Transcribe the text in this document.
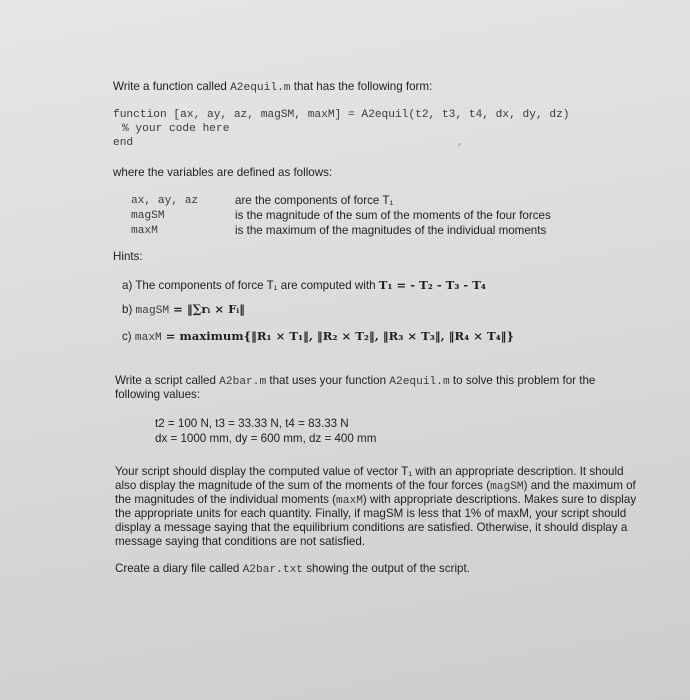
Write a function called A2equil.m that has the following form:
function [ax, ay, az, magSM, maxM] = A2equil(t2, t3, t4, dx, dy, dz)
% your code here
end
where the variables are defined as follows:
ax, ay, az	are the components of force T₁
magSM	is the magnitude of the sum of the moments of the four forces
maxM	is the maximum of the magnitudes of the individual moments
Hints:
a) The components of force T₁ are computed with T₁ = - T₂ - T₃ - T₄
b) magSM = ‖∑rᵢ × Fᵢ‖
c) maxM = maximum{‖R₁ × T₁‖, ‖R₂ × T₂‖, ‖R₃ × T₃‖, ‖R₄ × T₄‖}
Write a script called A2bar.m that uses your function A2equil.m to solve this problem for the
following values:
t2 = 100 N, t3 = 33.33 N, t4 = 83.33 N
dx = 1000 mm, dy = 600 mm, dz = 400 mm
Your script should display the computed value of vector T₁ with an appropriate description. It should
also display the magnitude of the sum of the moments of the four forces (magSM) and the maximum of
the magnitudes of the individual moments (maxM) with appropriate descriptions. Makes sure to display
the appropriate units for each quantity. Finally, if magSM is less that 1% of maxM, your script should
display a message saying that the equilibrium conditions are satisfied. Otherwise, it should display a
message saying that conditions are not satisfied.
Create a diary file called A2bar.txt showing the output of the script.
